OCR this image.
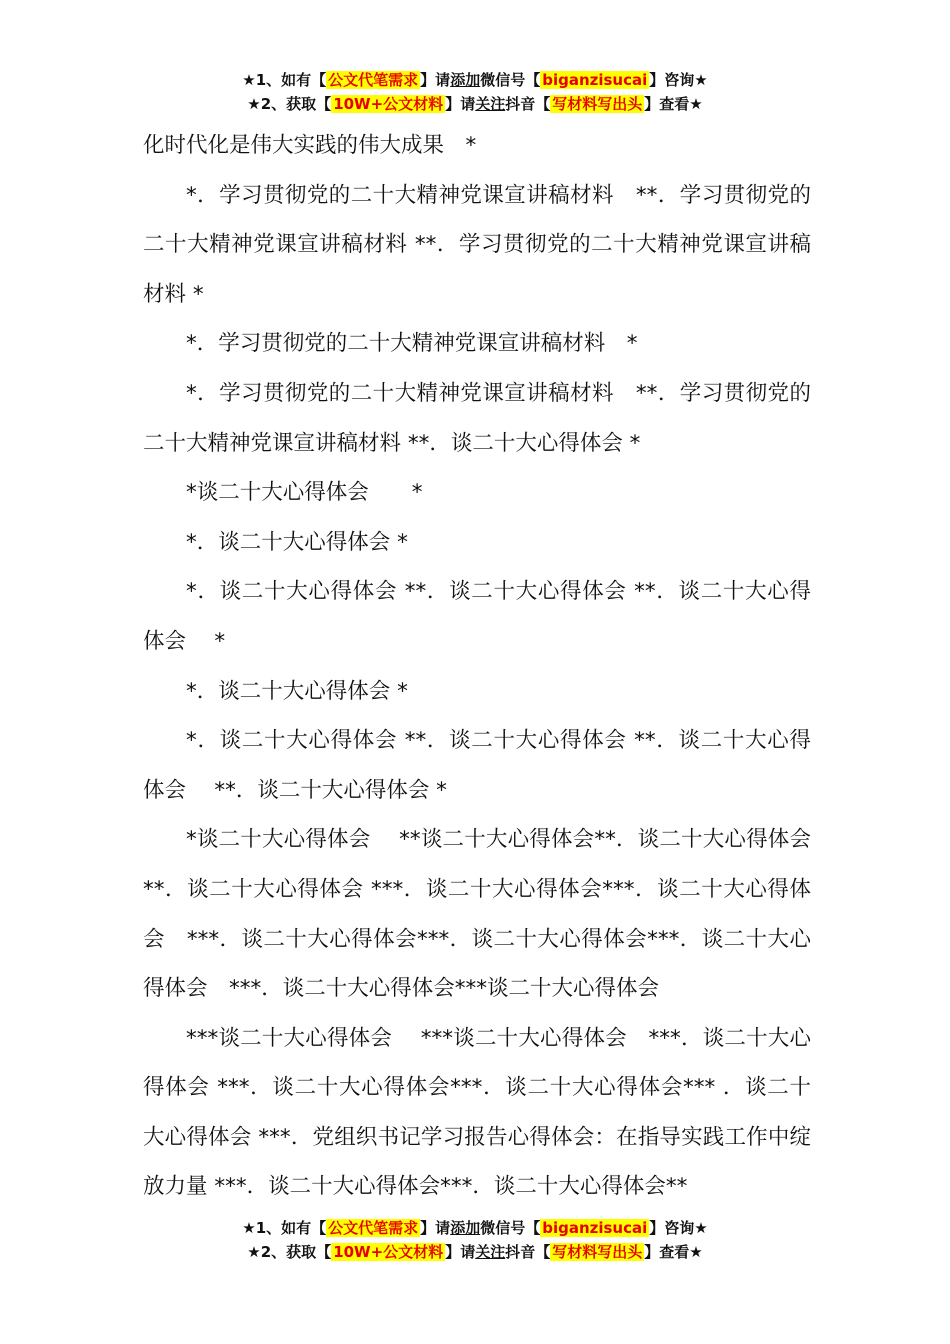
★1、如有【 公文代笔需求 】请添加微信号【 biganzisucai 】咨询★
★2、获取【 10W+公文材料 】请关注抖音【 写材料写出头 】查看★

化时代化是伟大实践的伟大成果　*

*．学习贯彻党的二十大精神党课宣讲稿材料　**．学习贯彻党的二十大精神党课宣讲稿材料 **．学习贯彻党的二十大精神党课宣讲稿材料 *

*．学习贯彻党的二十大精神党课宣讲稿材料　*

*．学习贯彻党的二十大精神党课宣讲稿材料　**．学习贯彻党的二十大精神党课宣讲稿材料 **．谈二十大心得体会 *

*谈二十大心得体会　　*

*．谈二十大心得体会 *

*．谈二十大心得体会 **．谈二十大心得体会 **．谈二十大心得体会　 *

*．谈二十大心得体会 *

*．谈二十大心得体会 **．谈二十大心得体会 **．谈二十大心得体会　 **．谈二十大心得体会 *

*谈二十大心得体会　 **谈二十大心得体会**．谈二十大心得体会　**．谈二十大心得体会 ***．谈二十大心得体会***．谈二十大心得体会　***．谈二十大心得体会***．谈二十大心得体会***．谈二十大心得体会　***．谈二十大心得体会***谈二十大心得体会

***谈二十大心得体会　 ***谈二十大心得体会　***．谈二十大心得体会 ***．谈二十大心得体会***．谈二十大心得体会*** ．谈二十大心得体会 ***．党组织书记学习报告心得体会：在指导实践工作中绽放力量 ***．谈二十大心得体会***．谈二十大心得体会**

★1、如有【 公文代笔需求 】请添加微信号【 biganzisucai 】咨询★
★2、获取【 10W+公文材料 】请关注抖音【 写材料写出头 】查看★
